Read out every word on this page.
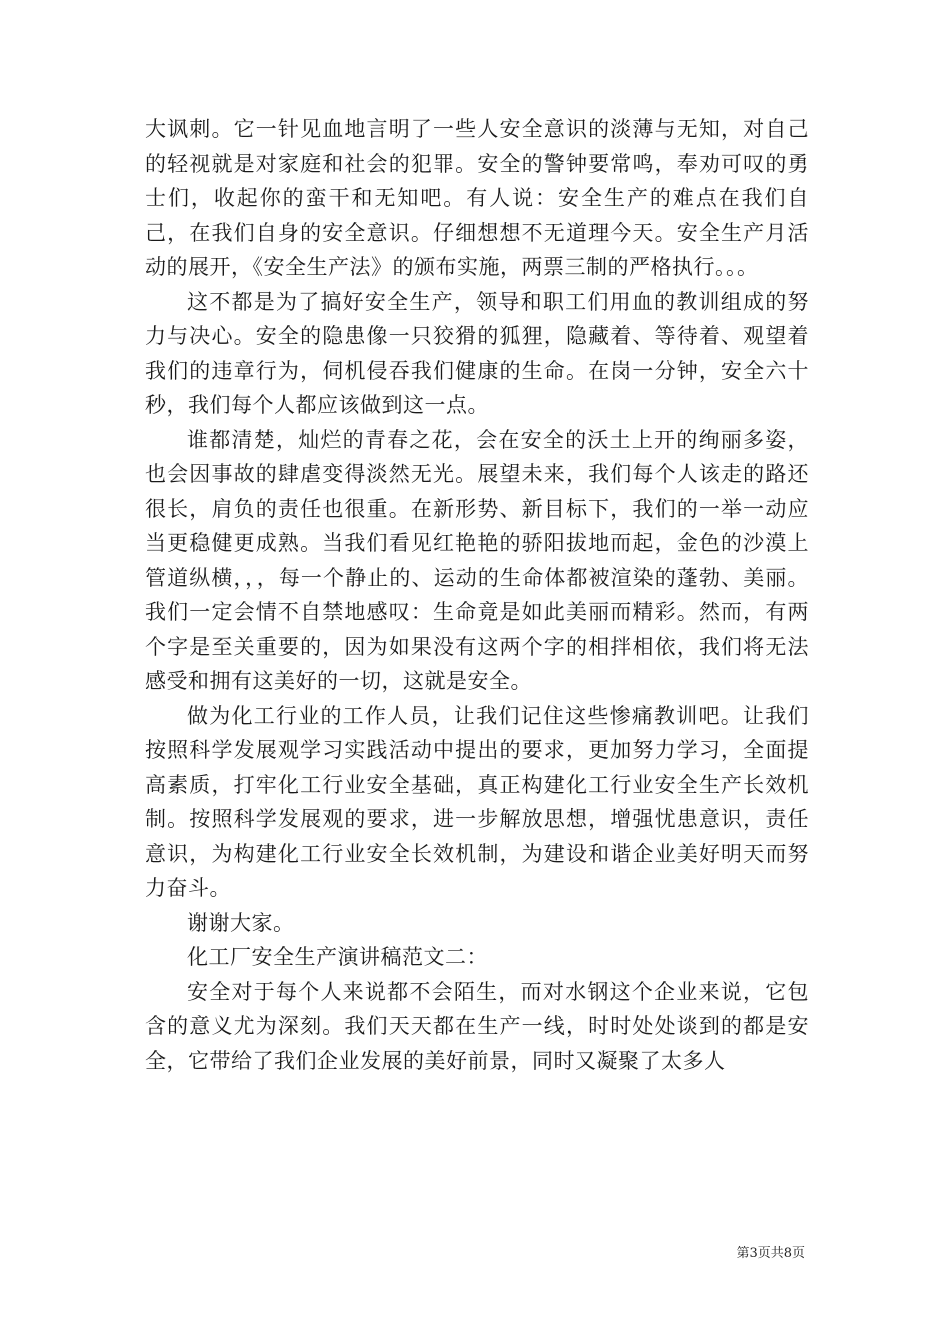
大讽刺。它一针见血地言明了一些人安全意识的淡薄与无知，对自己的轻视就是对家庭和社会的犯罪。安全的警钟要常鸣，奉劝可叹的勇士们，收起你的蛮干和无知吧。有人说：安全生产的难点在我们自己，在我们自身的安全意识。仔细想想不无道理今天。安全生产月活动的展开，《安全生产法》的颁布实施，两票三制的严格执行。。。

这不都是为了搞好安全生产，领导和职工们用血的教训组成的努力与决心。安全的隐患像一只狡猾的狐狸，隐藏着、等待着、观望着我们的违章行为，伺机侵吞我们健康的生命。在岗一分钟，安全六十秒，我们每个人都应该做到这一点。

谁都清楚，灿烂的青春之花，会在安全的沃土上开的绚丽多姿，也会因事故的肆虐变得淡然无光。展望未来，我们每个人该走的路还很长，肩负的责任也很重。在新形势、新目标下，我们的一举一动应当更稳健更成熟。当我们看见红艳艳的骄阳拔地而起，金色的沙漠上管道纵横，，，每一个静止的、运动的生命体都被渲染的蓬勃、美丽。我们一定会情不自禁地感叹：生命竟是如此美丽而精彩。然而，有两个字是至关重要的，因为如果没有这两个字的相拌相依，我们将无法感受和拥有这美好的一切，这就是安全。

做为化工行业的工作人员，让我们记住这些惨痛教训吧。让我们按照科学发展观学习实践活动中提出的要求，更加努力学习，全面提高素质，打牢化工行业安全基础，真正构建化工行业安全生产长效机制。按照科学发展观的要求，进一步解放思想，增强忧患意识，责任意识，为构建化工行业安全长效机制，为建设和谐企业美好明天而努力奋斗。

谢谢大家。

化工厂安全生产演讲稿范文二：

安全对于每个人来说都不会陌生，而对水钢这个企业来说，它包含的意义尤为深刻。我们天天都在生产一线，时时处处谈到的都是安全，它带给了我们企业发展的美好前景，同时又凝聚了太多人

第3页共8页
